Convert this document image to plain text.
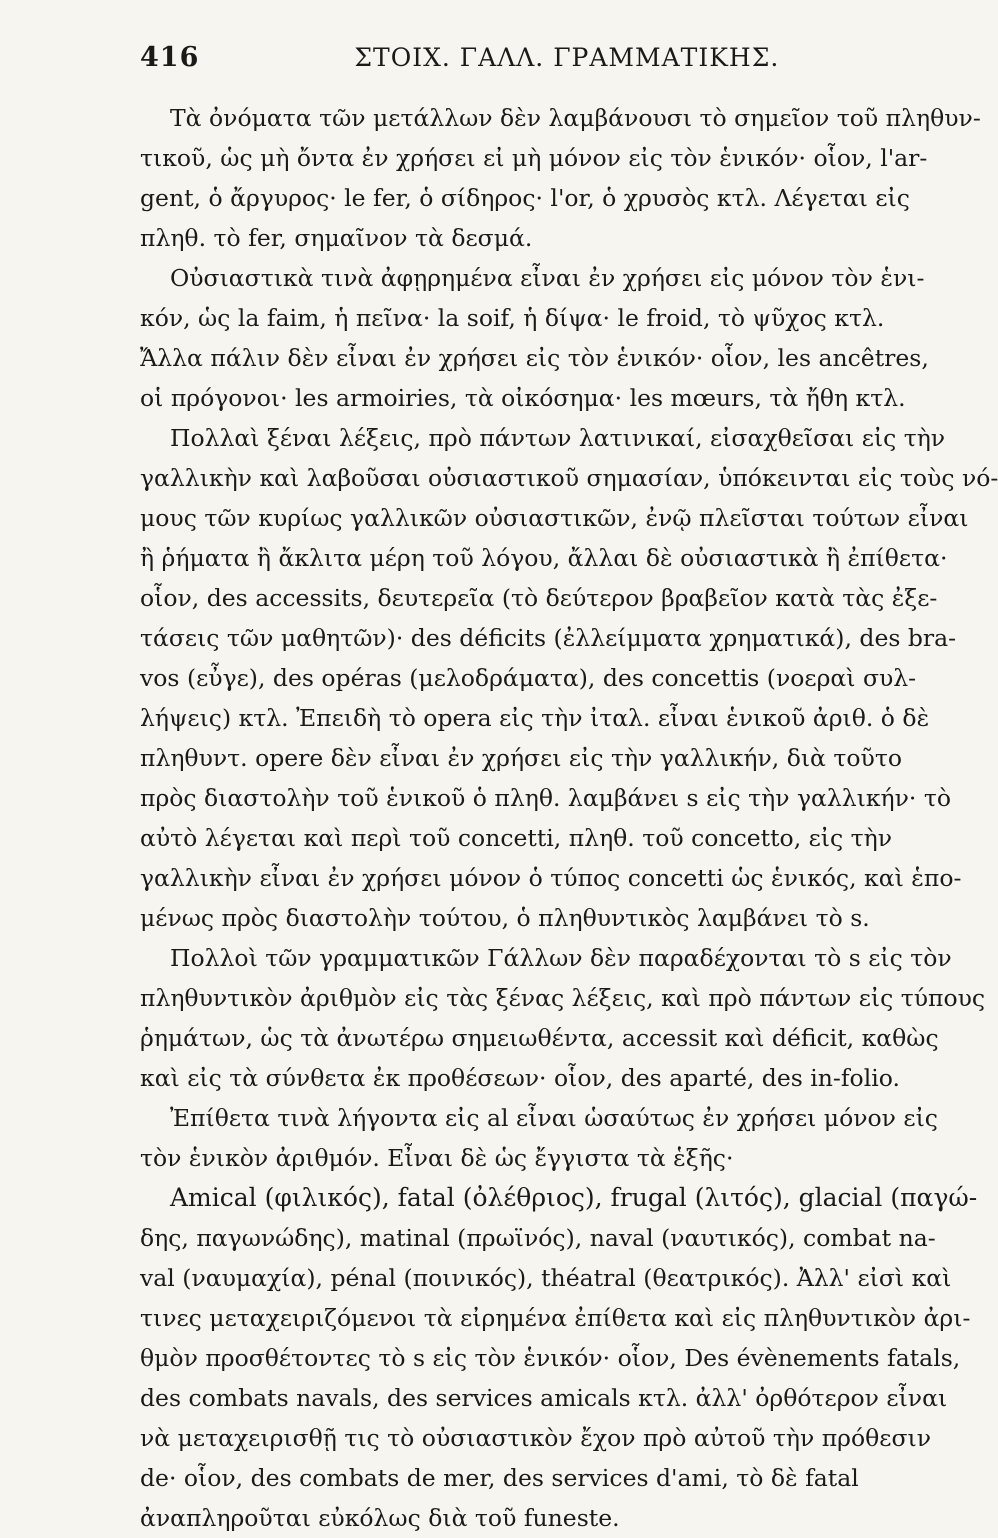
416	ΣΤΟΙΧ. ΓΑΛΛ. ΓΡΑΜΜΑΤΙΚΗΣ.
Τὰ ὀνόματα τῶν μετάλλων δὲν λαμβάνουσι τὸ σημεῖον τοῦ πληθυν-
τικοῦ, ὡς μὴ ὄντα ἐν χρήσει εἰ μὴ μόνον εἰς τὸν ἑνικόν· οἷον, l'ar-
gent, ὁ ἄργυρος· le fer, ὁ σίδηρος· l'or, ὁ χρυσὸς κτλ. Λέγεται εἰς
πληθ. τὸ fer, σημαῖνον τὰ δεσμά.
Οὐσιαστικὰ τινὰ ἀφῃρημένα εἶναι ἐν χρήσει εἰς μόνον τὸν ἑνι-
κόν, ὡς la faim, ἡ πεῖνα· la soif, ἡ δίψα· le froid, τὸ ψῦχος κτλ.
Ἄλλα πάλιν δὲν εἶναι ἐν χρήσει εἰς τὸν ἑνικόν· οἷον, les ancêtres,
οἱ πρόγονοι· les armoiries, τὰ οἰκόσημα· les mœurs, τὰ ἤθη κτλ.
Πολλαὶ ξέναι λέξεις, πρὸ πάντων λατινικαί, εἰσαχθεῖσαι εἰς τὴν
γαλλικὴν καὶ λαβοῦσαι οὐσιαστικοῦ σημασίαν, ὑπόκεινται εἰς τοὺς νό-
μους τῶν κυρίως γαλλικῶν οὐσιαστικῶν, ἐνῷ πλεῖσται τούτων εἶναι
ἢ ῥήματα ἢ ἄκλιτα μέρη τοῦ λόγου, ἄλλαι δὲ οὐσιαστικὰ ἢ ἐπίθετα·
οἷον, des accessits, δευτερεῖα (τὸ δεύτερον βραβεῖον κατὰ τὰς ἐξε-
τάσεις τῶν μαθητῶν)· des déficits (ἐλλείμματα χρηματικά), des bra-
vos (εὖγε), des opéras (μελοδράματα), des concettis (νοεραὶ συλ-
λήψεις) κτλ. Ἐπειδὴ τὸ opera εἰς τὴν ἰταλ. εἶναι ἑνικοῦ ἀριθ. ὁ δὲ
πληθυντ. opere δὲν εἶναι ἐν χρήσει εἰς τὴν γαλλικήν, διὰ τοῦτο
πρὸς διαστολὴν τοῦ ἑνικοῦ ὁ πληθ. λαμβάνει s εἰς τὴν γαλλικήν· τὸ
αὐτὸ λέγεται καὶ περὶ τοῦ concetti, πληθ. τοῦ concetto, εἰς τὴν
γαλλικὴν εἶναι ἐν χρήσει μόνον ὁ τύπος concetti ὡς ἑνικός, καὶ ἑπο-
μένως πρὸς διαστολὴν τούτου, ὁ πληθυντικὸς λαμβάνει τὸ s.
Πολλοὶ τῶν γραμματικῶν Γάλλων δὲν παραδέχονται τὸ s εἰς τὸν
πληθυντικὸν ἀριθμὸν εἰς τὰς ξένας λέξεις, καὶ πρὸ πάντων εἰς τύπους
ῥημάτων, ὡς τὰ ἀνωτέρω σημειωθέντα, accessit καὶ déficit, καθὼς
καὶ εἰς τὰ σύνθετα ἐκ προθέσεων· οἷον, des aparté, des in-folio.
Ἐπίθετα τινὰ λήγοντα εἰς al εἶναι ὡσαύτως ἐν χρήσει μόνον εἰς
τὸν ἑνικὸν ἀριθμόν. Εἶναι δὲ ὡς ἔγγιστα τὰ ἑξῆς·
Amical (φιλικός), fatal (ὀλέθριος), frugal (λιτός), glacial (παγώ-
δης, παγωνώδης), matinal (πρωϊνός), naval (ναυτικός), combat na-
val (ναυμαχία), pénal (ποινικός), théatral (θεατρικός). Ἀλλ' εἰσὶ καὶ
τινες μεταχειριζόμενοι τὰ εἰρημένα ἐπίθετα καὶ εἰς πληθυντικὸν ἀρι-
θμὸν προσθέτοντες τὸ s εἰς τὸν ἑνικόν· οἷον, Des évènements fatals,
des combats navals, des services amicals κτλ. ἀλλ' ὀρθότερον εἶναι
νὰ μεταχειρισθῇ τις τὸ οὐσιαστικὸν ἔχον πρὸ αὐτοῦ τὴν πρόθεσιν
de· οἷον, des combats de mer, des services d'ami, τὸ δὲ fatal
ἀναπληροῦται εὐκόλως διὰ τοῦ funeste.
